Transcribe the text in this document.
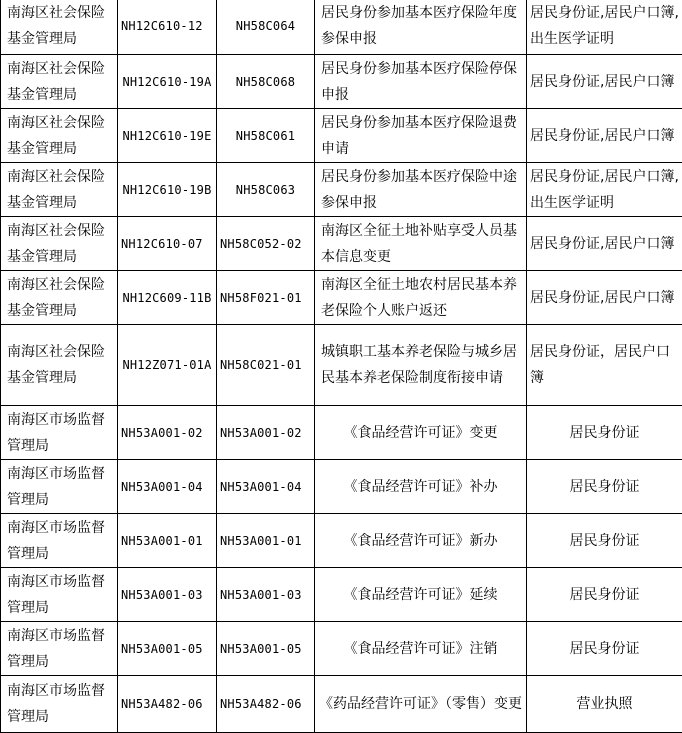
南海区社会保险基金管理局	NH12C610-12	NH58C064	居民身份参加基本医疗保险年度参保申报	居民身份证,居民户口簿,出生医学证明
南海区社会保险基金管理局	NH12C610-19A	NH58C068	居民身份参加基本医疗保险停保申报	居民身份证,居民户口簿
南海区社会保险基金管理局	NH12C610-19E	NH58C061	居民身份参加基本医疗保险退费申请	居民身份证,居民户口簿
南海区社会保险基金管理局	NH12C610-19B	NH58C063	居民身份参加基本医疗保险中途参保申报	居民身份证,居民户口簿,出生医学证明
南海区社会保险基金管理局	NH12C610-07	NH58C052-02	南海区全征土地补贴享受人员基本信息变更	居民身份证,居民户口簿
南海区社会保险基金管理局	NH12C609-11B	NH58F021-01	南海区全征土地农村居民基本养老保险个人账户返还	居民身份证,居民户口簿
南海区社会保险基金管理局	NH12Z071-01A	NH58C021-01	城镇职工基本养老保险与城乡居民基本养老保险制度衔接申请	居民身份证，居民户口簿
南海区市场监督管理局	NH53A001-02	NH53A001-02	《食品经营许可证》变更	居民身份证
南海区市场监督管理局	NH53A001-04	NH53A001-04	《食品经营许可证》补办	居民身份证
南海区市场监督管理局	NH53A001-01	NH53A001-01	《食品经营许可证》新办	居民身份证
南海区市场监督管理局	NH53A001-03	NH53A001-03	《食品经营许可证》延续	居民身份证
南海区市场监督管理局	NH53A001-05	NH53A001-05	《食品经营许可证》注销	居民身份证
南海区市场监督管理局	NH53A482-06	NH53A482-06	《药品经营许可证》（零售）变更	营业执照
